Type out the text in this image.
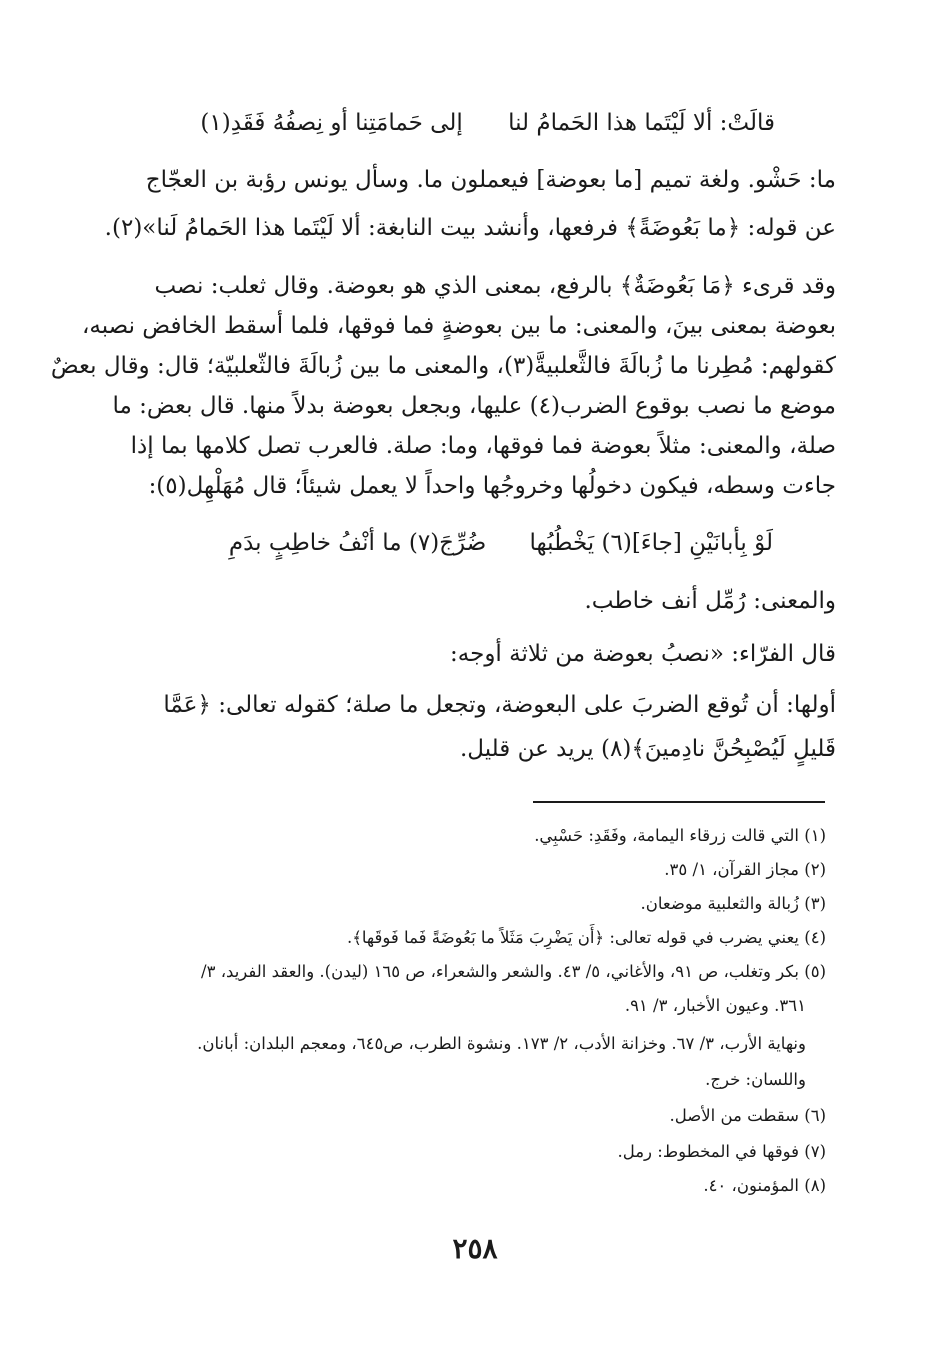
قالَتْ: ألا لَيْتَما هذا الحَمامُ لنا إلى حَمامَتِنا أو نِصفُهُ فَقَدِ(١)

ما: حَشْو. ولغة تميم [ما بعوضة] فيعملون ما. وسأل يونس رؤبة بن العجّاج

عن قوله: ﴿ما بَعُوضَةً﴾ فرفعها، وأنشد بيت النابغة: ألا لَيْتَما هذا الحَمامُ لَنا»(٢).

وقد قرىء ﴿مَا بَعُوضَةٌ﴾ بالرفع، بمعنى الذي هو بعوضة. وقال ثعلب: نصب

بعوضة بمعنى بينَ، والمعنى: ما بين بعوضةٍ فما فوقها، فلما أسقط الخافض نصبه،

كقولهم: مُطِرنا ما زُبالَةَ فالثَّعلبيةَّ(٣)، والمعنى ما بين زُبالَةَ فالثّعلبيّة؛ قال: وقال بعضٌ

موضع ما نصب بوقوع الضرب(٤) عليها، وبجعل بعوضة بدلاً منها. قال بعض: ما

صلة، والمعنى: مثلاً بعوضة فما فوقها، وما: صلة. فالعرب تصل كلامها بما إذا

جاءت وسطه، فيكون دخولُها وخروجُها واحداً لا يعمل شيئاً؛ قال مُهَلْهِل(٥):

لَوْ بِأبانَيْنِ [جاءَ](٦) يَخْطُبُها ضُرِّجَ(٧) ما أنْفُ خاطِبٍ بدَمِ

والمعنى: رُمِّل أنف خاطب.

قال الفرّاء: «نصبُ بعوضة من ثلاثة أوجه:

أولها: أن تُوقع الضربَ على البعوضة، وتجعل ما صلة؛ كقوله تعالى: ﴿عَمَّا

قَليلٍ لَيُصْبِحُنَّ نادِمينَ﴾(٨) يريد عن قليل.

(١) التي قالت زرقاء اليمامة، وفَقَدِ: حَسْبِي.
(٢) مجاز القرآن، ١/ ٣٥.
(٣) زُبالة والثعلبية موضعان.
(٤) يعني يضرب في قوله تعالى: ﴿أَن يَضْرِبَ مَثَلاً ما بَعُوضَةً فَما فَوقَها﴾.
(٥) بكر وتغلب، ص ٩١، والأغاني، ٥/ ٤٣. والشعر والشعراء، ص ١٦٥ (ليدن). والعقد الفريد، ٣/
٣٦١. وعيون الأخبار، ٣/ ٩١.
ونهاية الأرب، ٣/ ٦٧. وخزانة الأدب، ٢/ ١٧٣. ونشوة الطرب، ص٦٤٥، ومعجم البلدان: أبانان.
واللسان: خرج.
(٦) سقطت من الأصل.
(٧) فوقها في المخطوط: رمل.
(٨) المؤمنون، ٤٠.
٢٥٨
